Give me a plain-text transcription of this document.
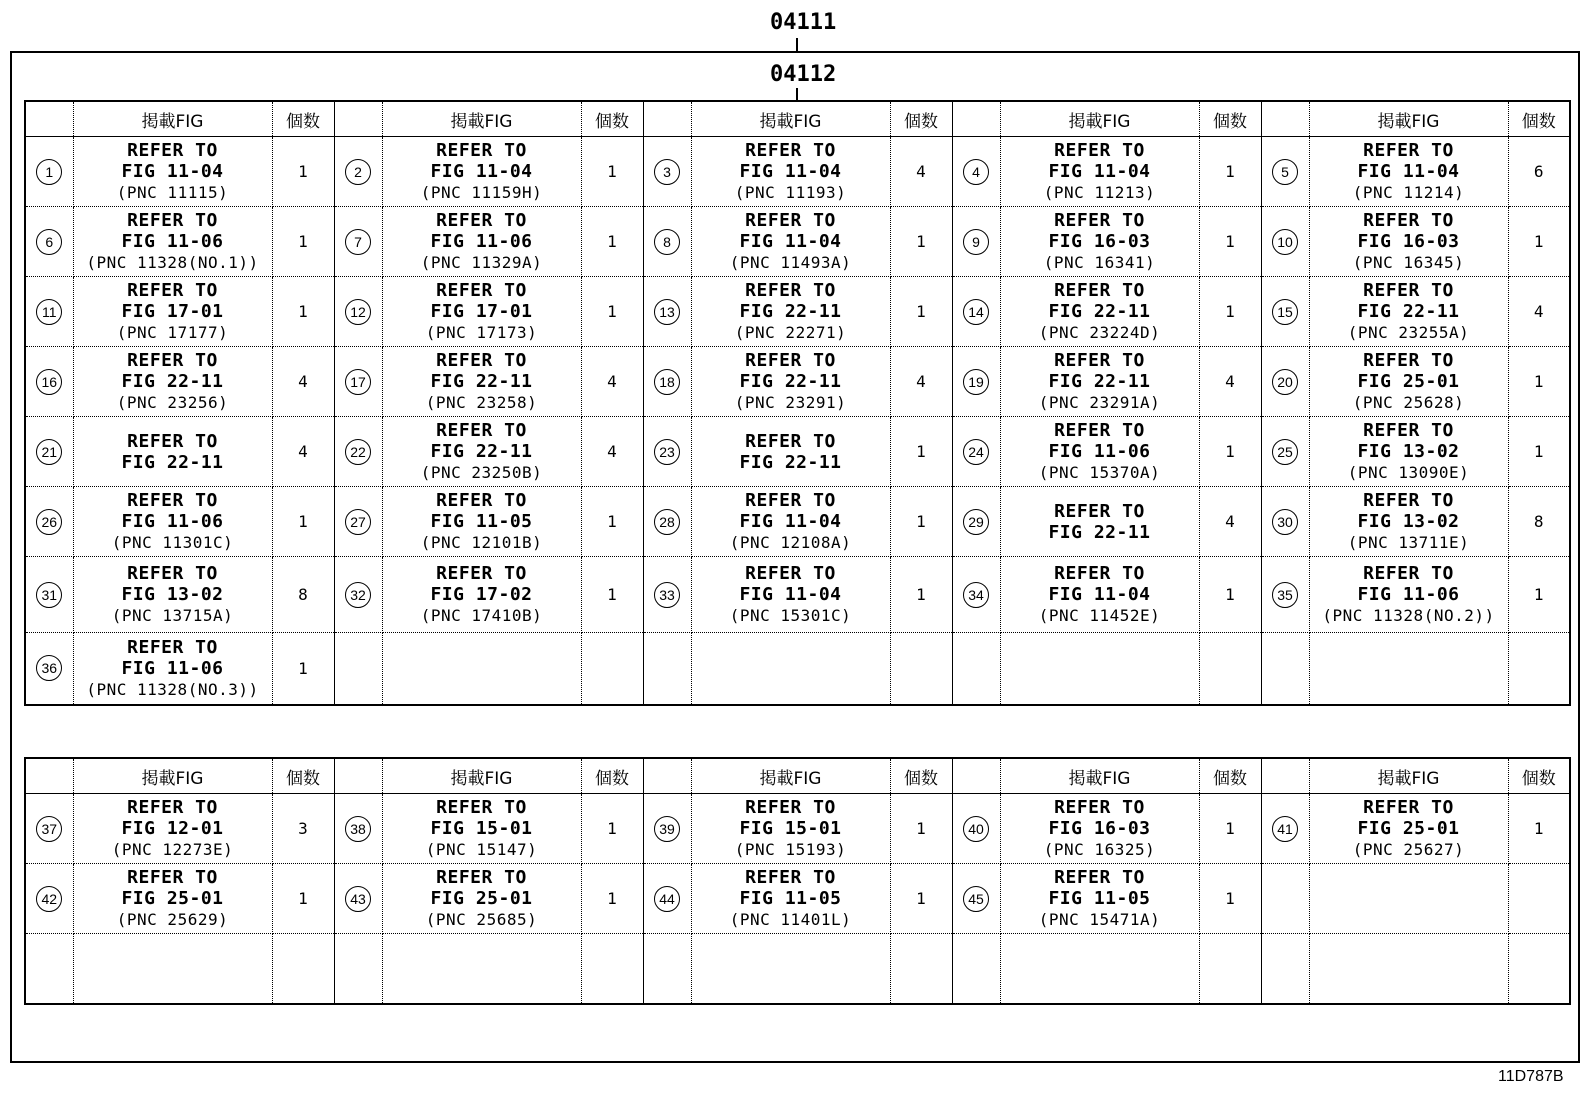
04111
04112
	掲載FIG	個数		掲載FIG	個数		掲載FIG	個数		掲載FIG	個数		掲載FIG	個数
1	REFER TO
FIG 11-04
(PNC 11115)	1	2	REFER TO
FIG 11-04
(PNC 11159H)	1	3	REFER TO
FIG 11-04
(PNC 11193)	4	4	REFER TO
FIG 11-04
(PNC 11213)	1	5	REFER TO
FIG 11-04
(PNC 11214)	6
6	REFER TO
FIG 11-06
(PNC 11328(NO.1))	1	7	REFER TO
FIG 11-06
(PNC 11329A)	1	8	REFER TO
FIG 11-04
(PNC 11493A)	1	9	REFER TO
FIG 16-03
(PNC 16341)	1	10	REFER TO
FIG 16-03
(PNC 16345)	1
11	REFER TO
FIG 17-01
(PNC 17177)	1	12	REFER TO
FIG 17-01
(PNC 17173)	1	13	REFER TO
FIG 22-11
(PNC 22271)	1	14	REFER TO
FIG 22-11
(PNC 23224D)	1	15	REFER TO
FIG 22-11
(PNC 23255A)	4
16	REFER TO
FIG 22-11
(PNC 23256)	4	17	REFER TO
FIG 22-11
(PNC 23258)	4	18	REFER TO
FIG 22-11
(PNC 23291)	4	19	REFER TO
FIG 22-11
(PNC 23291A)	4	20	REFER TO
FIG 25-01
(PNC 25628)	1
21	REFER TO
FIG 22-11	4	22	REFER TO
FIG 22-11
(PNC 23250B)	4	23	REFER TO
FIG 22-11	1	24	REFER TO
FIG 11-06
(PNC 15370A)	1	25	REFER TO
FIG 13-02
(PNC 13090E)	1
26	REFER TO
FIG 11-06
(PNC 11301C)	1	27	REFER TO
FIG 11-05
(PNC 12101B)	1	28	REFER TO
FIG 11-04
(PNC 12108A)	1	29	REFER TO
FIG 22-11	4	30	REFER TO
FIG 13-02
(PNC 13711E)	8
31	REFER TO
FIG 13-02
(PNC 13715A)	8	32	REFER TO
FIG 17-02
(PNC 17410B)	1	33	REFER TO
FIG 11-04
(PNC 15301C)	1	34	REFER TO
FIG 11-04
(PNC 11452E)	1	35	REFER TO
FIG 11-06
(PNC 11328(NO.2))	1
36	REFER TO
FIG 11-06
(PNC 11328(NO.3))	1												
	掲載FIG	個数		掲載FIG	個数		掲載FIG	個数		掲載FIG	個数		掲載FIG	個数
37	REFER TO
FIG 12-01
(PNC 12273E)	3	38	REFER TO
FIG 15-01
(PNC 15147)	1	39	REFER TO
FIG 15-01
(PNC 15193)	1	40	REFER TO
FIG 16-03
(PNC 16325)	1	41	REFER TO
FIG 25-01
(PNC 25627)	1
42	REFER TO
FIG 25-01
(PNC 25629)	1	43	REFER TO
FIG 25-01
(PNC 25685)	1	44	REFER TO
FIG 11-05
(PNC 11401L)	1	45	REFER TO
FIG 11-05
(PNC 15471A)	1			

11D787B
